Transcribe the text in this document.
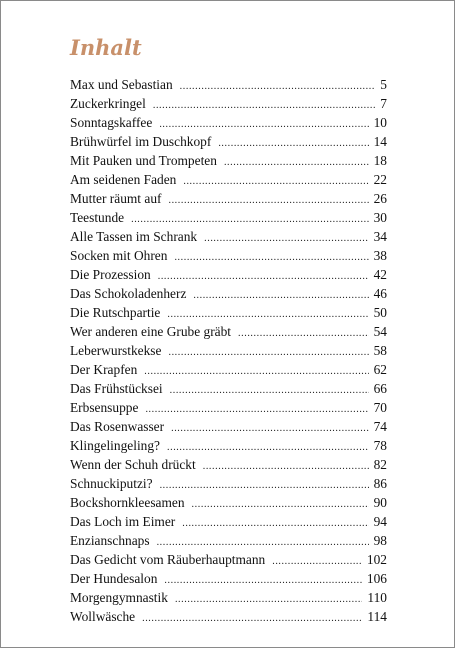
Inhalt
Max und Sebastian .....	5
Zuckerkringel .....	7
Sonntagskaffee .....	10
Brühwürfel im Duschkopf .....	14
Mit Pauken und Trompeten .....	18
Am seidenen Faden .....	22
Mutter räumt auf .....	26
Teestunde .....	30
Alle Tassen im Schrank .....	34
Socken mit Ohren .....	38
Die Prozession .....	42
Das Schokoladenherz .....	46
Die Rutschpartie .....	50
Wer anderen eine Grube gräbt .....	54
Leberwurstkekse .....	58
Der Krapfen .....	62
Das Frühstücksei .....	66
Erbsensuppe .....	70
Das Rosenwasser .....	74
Klingelingeling? .....	78
Wenn der Schuh drückt .....	82
Schnuckiputzi? .....	86
Bockshornkleesamen .....	90
Das Loch im Eimer .....	94
Enzianschnaps .....	98
Das Gedicht vom Räuberhauptmann .....	102
Der Hundesalon .....	106
Morgengymnastik .....	110
Wollwäsche .....	114
